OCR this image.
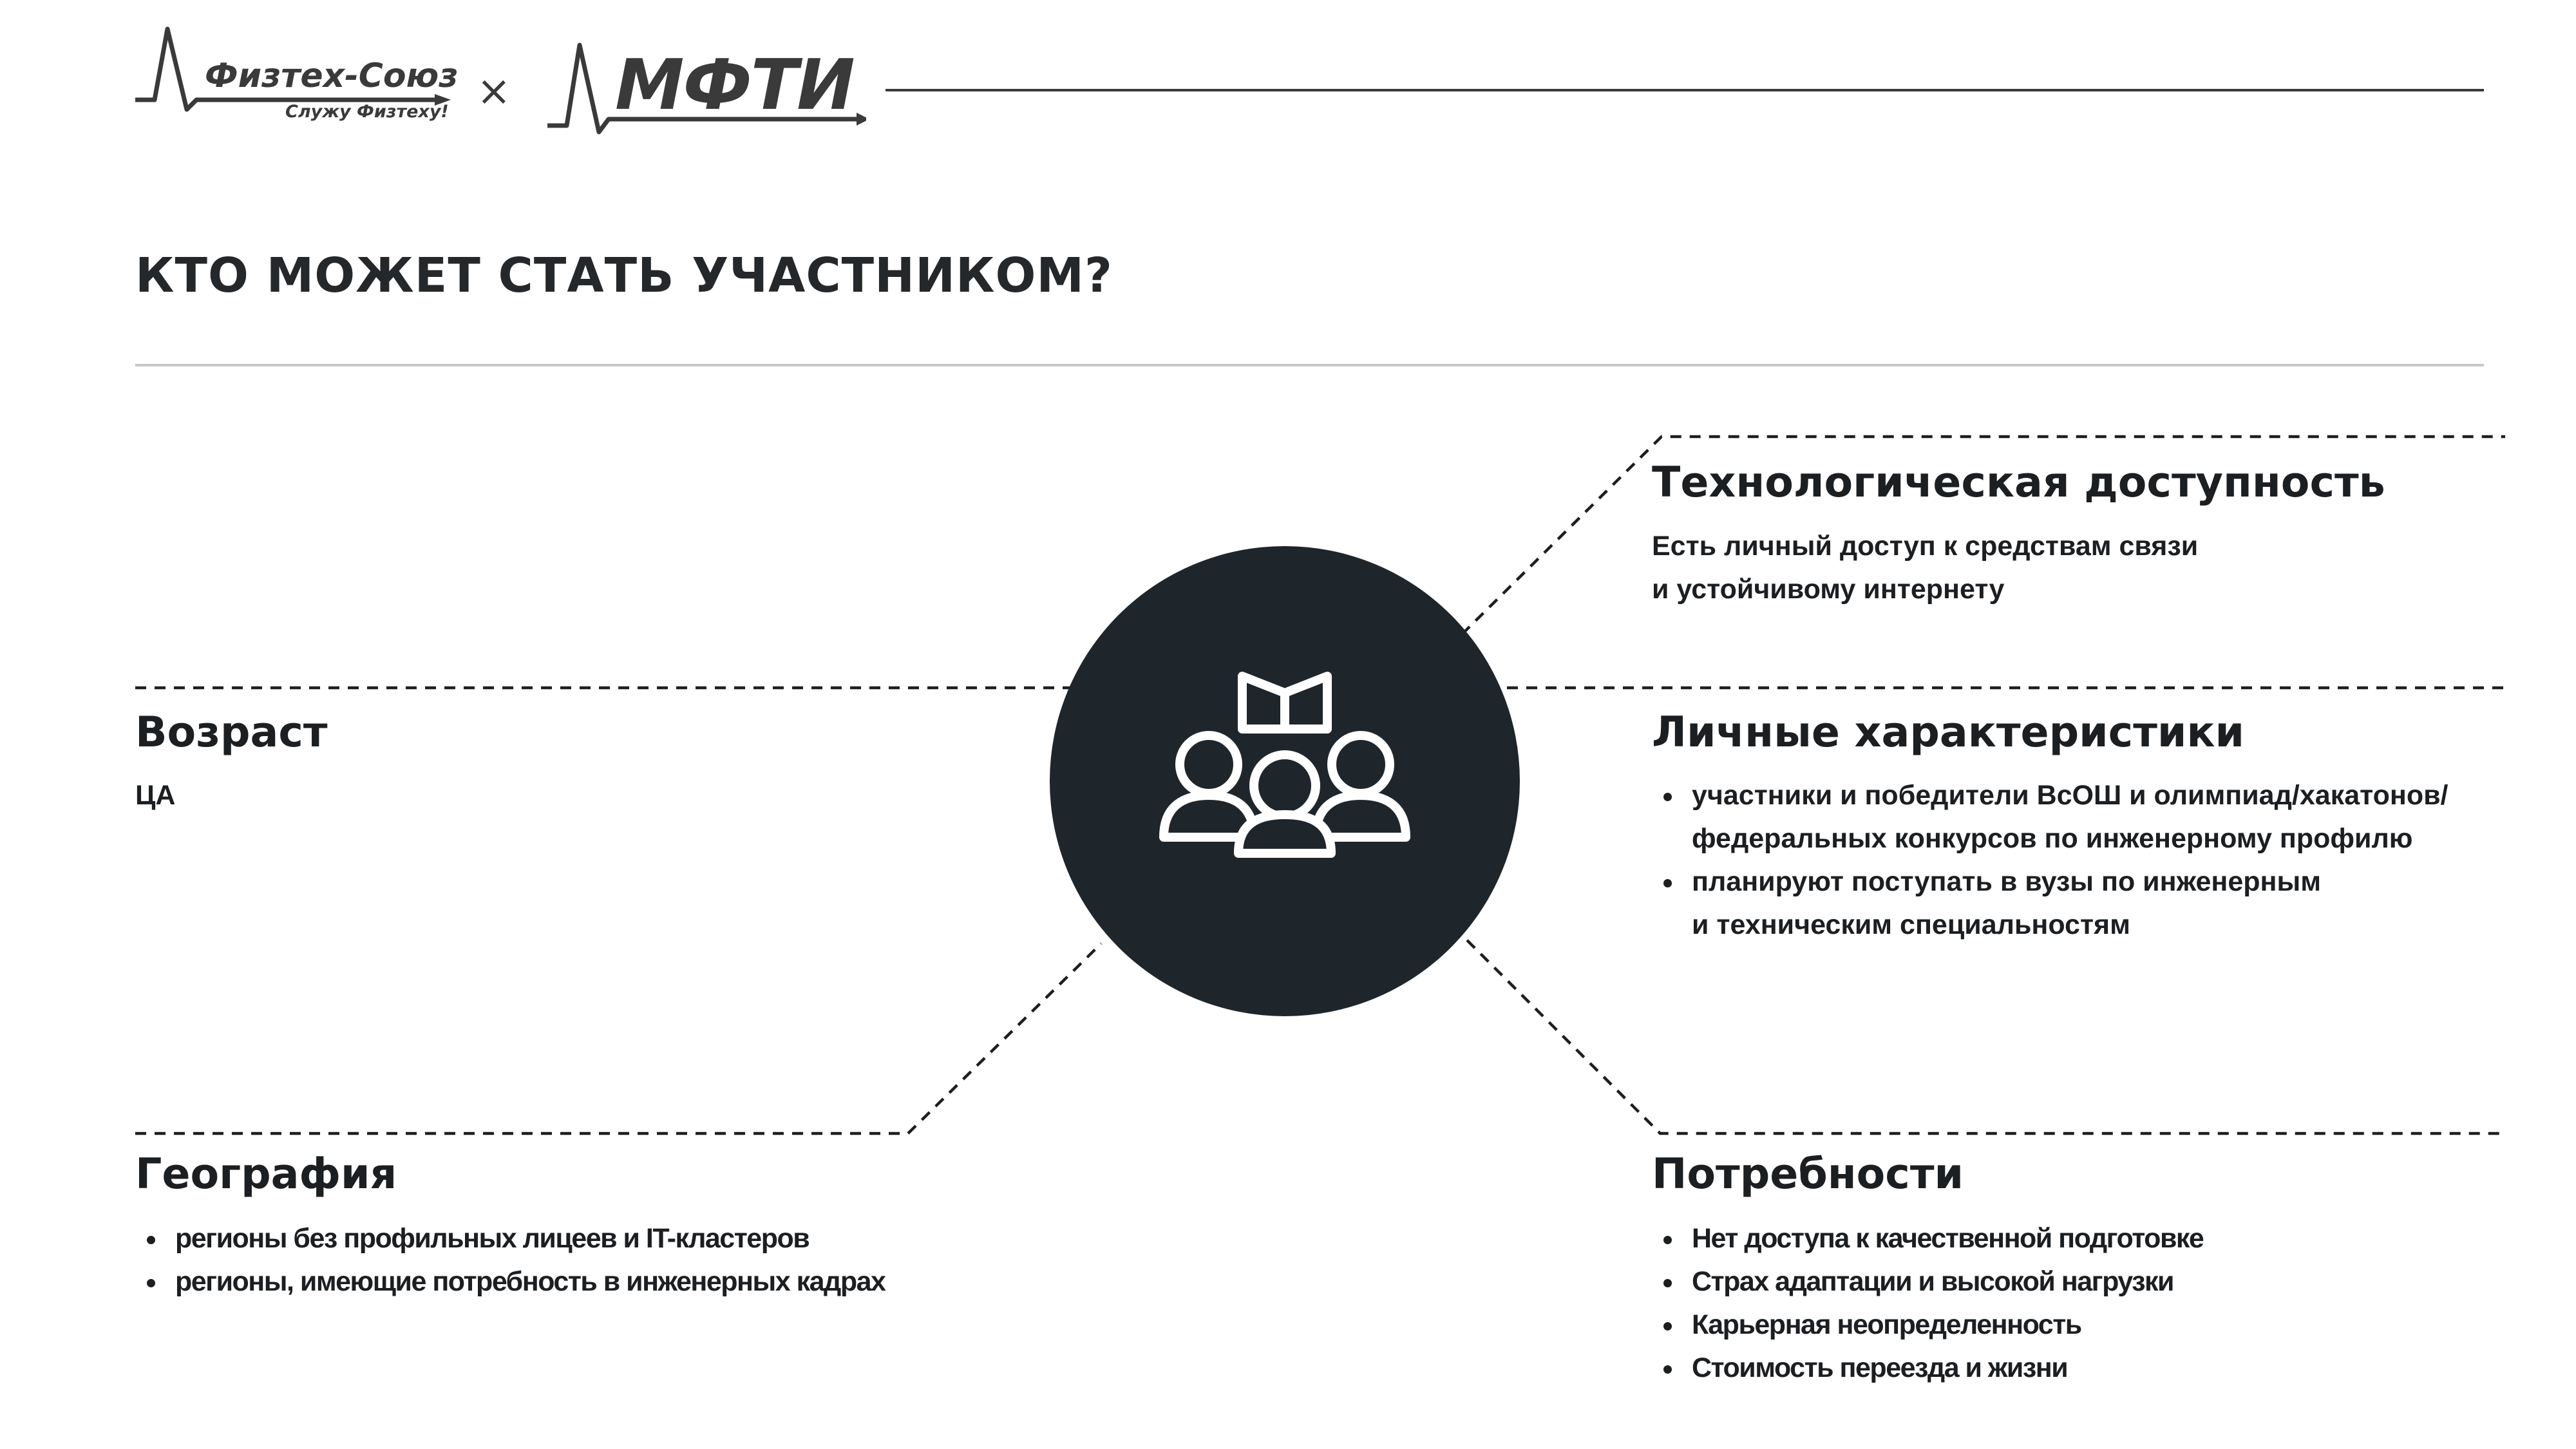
Физтех-Союз
Служу Физтеху! × МФТИ
КТО МОЖЕТ СТАТЬ УЧАСТНИКОМ?
Технологическая доступность
Есть личный доступ к средствам связи
и устойчивому интернету
Возраст
ЦА
Личные характеристики
участники и победители ВсОШ и олимпиад/хакатонов/
федеральных конкурсов по инженерному профилю
планируют поступать в вузы по инженерным
и техническим специальностям
География
регионы без профильных лицеев и IT-кластеров
регионы, имеющие потребность в инженерных кадрах
Потребности
Нет доступа к качественной подготовке
Страх адаптации и высокой нагрузки
Карьерная неопределенность
Стоимость переезда и жизни
